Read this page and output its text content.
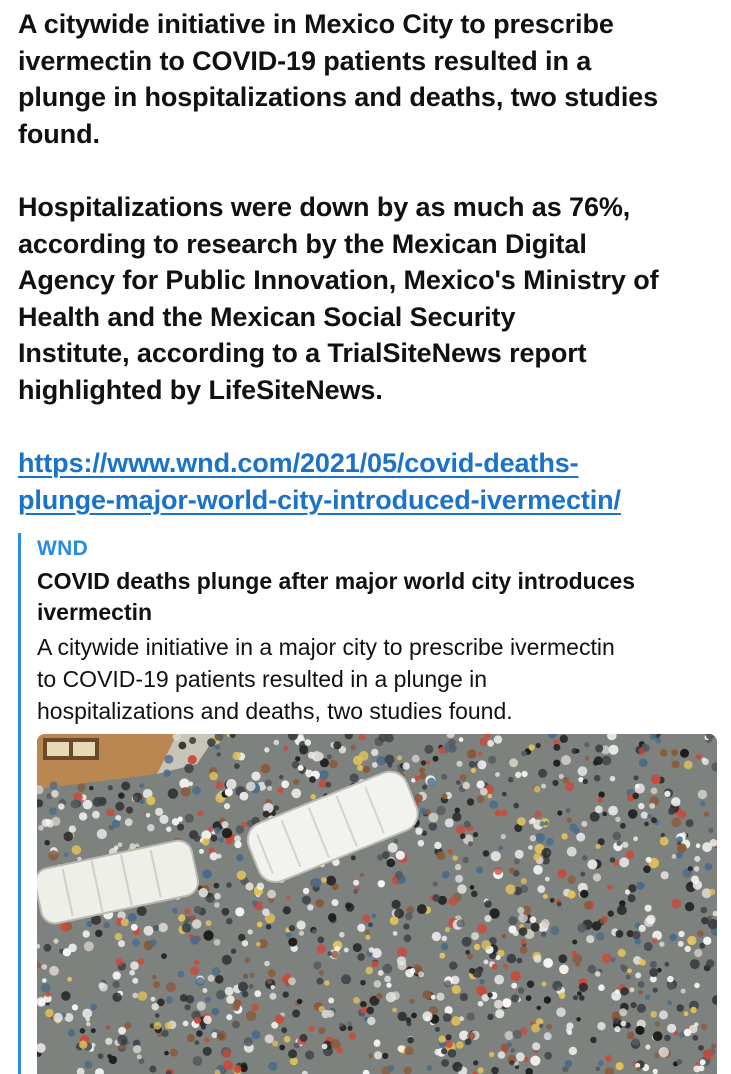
A citywide initiative in Mexico City to prescribe
ivermectin to COVID-19 patients resulted in a
plunge in hospitalizations and deaths, two studies
found.

Hospitalizations were down by as much as 76%,
according to research by the Mexican Digital
Agency for Public Innovation, Mexico's Ministry of
Health and the Mexican Social Security
Institute, according to a TrialSiteNews report
highlighted by LifeSiteNews.

https://www.wnd.com/2021/05/covid-deaths-
plunge-major-world-city-introduced-ivermectin/
WND
COVID deaths plunge after major world city introduces
ivermectin
A citywide initiative in a major city to prescribe ivermectin
to COVID-19 patients resulted in a plunge in
hospitalizations and deaths, two studies found.
